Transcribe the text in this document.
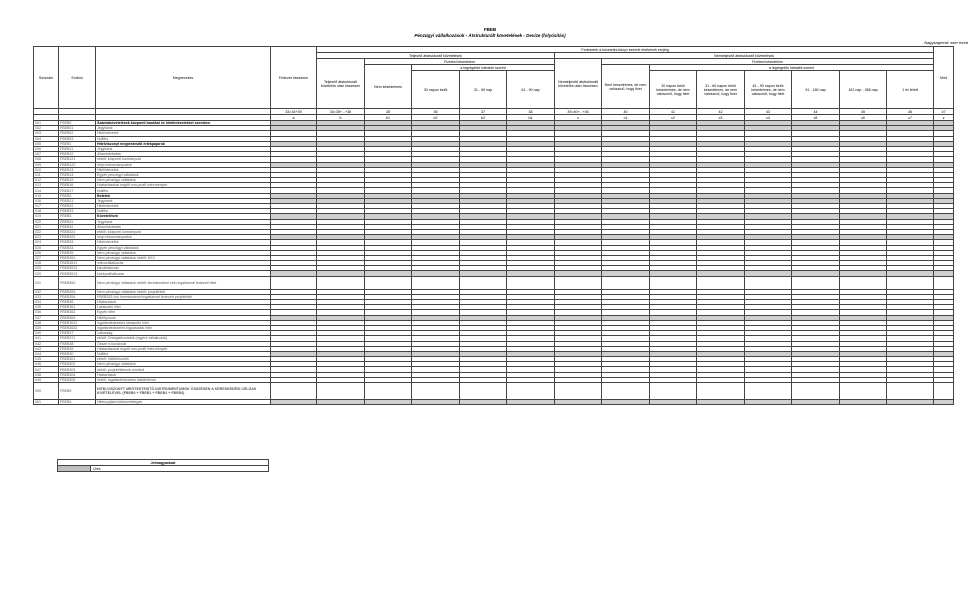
FBEB
Pénzügyi vállalkozások - Átstrukturált követelések - Devize (folyósítás)
Nagyságrend: ezer forint
Sorszám	Sorkód	Megnevezés	Fedezet összesen	Fedezetek a követelés könyv szerinti értékének erejéig													Mód
				Teljesítő átstrukturált követelések					Nemteljesítő átstrukturált követelések								
				Teljesítő átstrukturált követelés után összesen	Fizetési késedelem				Nemteljesítő átstrukturált követelés után összesen	Fizetési késedelem							
					Nem késedelmes	a legrégebbi hátralék szerint				Nem késedelmes, de nem valószínű, hogy fizet	a legrégebbi hátralék szerint						
						30 napon belül	31 - 60 nap	61 - 90 nap			30 napon belül késedelmes, de nem valószínű, hogy fizet	31 - 60 napon belül késedelmes, de nem valószínű, hogy fizet	61 - 90 napon belül késedelmes, de nem valószínű, hogy fizet	91 - 180 nap	181 nap - 365 nap	1 év felett	

			33=34+39	34=35+...+38	35	36	37	38	39=40+...+46	40	41	42	43	44	45	46	47
			a	b	b1	b2	b3	b4	c	c1	c2	c3	c4	c5	c6	c7	z
001	FBEB0	Számlakövetelések központi bankkal és hitelintézetekkel szemben															
002	FBEB01	Jegybank															
003	FBEB02	Hitelintézetek															
004	FBEB03	Nullfbo															
005	FBEB1	Hitelviszonyt megtestesítő értékpapírok															
006	FBEB11	Jegybank															
007	FBEB12	Államháztartás															
008	FBEB121	ebből: központi kormányzat															
009	FBEB122	helyi önkormányzatok															
010	FBEB13	Hitelintézetek															
011	FBEB14	Egyéb pénzügyi vállalatok															
012	FBEB15	Nem pénzügyi vállalatok															
013	FBEB16	Háztartásokat segítő non-profit intézmények															
014	FBEB17	Nullfbo															
015	FBEB2	Betétek															
016	FBEB21	Jegybank															
017	FBEB22	Hitelintézetek															
018	FBEB23	Nullfbo															
019	FBEB3	Követelések															
020	FBEB31	Jegybank															
021	FBEB32	Államháztartás															
022	FBEB321	ebből: központi kormányzat															
023	FBEB322	helyi önkormányzatok															
024	FBEB33	Hitelintézetek															
025	FBEB34	Egyéb pénzügyi vállalatok															
026	FBEB35	Nem pénzügyi vállalatok															
027	FBEB351	Nem pénzügyi vállalatok ebből: KKV															
028	FBEB3511	mikrovállalkozás															
029	FBEB3512	kisvállalkozás															
030	FBEB3513	középvállalkozás															
031	FBEB352	Nem pénzügyi vállalatok ebből: kereskedelmi célú ingatlannal fedezett hitel															
032	FBEB353	Nem pénzügyi vállalatok ebből: projekthitel															
033	FBEB354	FBEB353-ból: kereskedelmi ingatlannal fedezett projekthitel															
034	FBEB36	Háztartások															
035	FBEB361	Lakáscélú hitel															
036	FBEB362	Egyéb hitel															
037	FBEB363	Hiteltípusok															
038	FBEB3631	ingatlanfedezetes lakáscélú hitel															
039	FBEB3632	ingatlanfedezetes fogyasztási hitel															
040	FBEB37	Lakosság															
041	FBEB371	ebből: Önfoglalkoztatók (egyéni vállalkozók)															
042	FBEB38	Össze e-kovácsok															
043	FBEB39	Háztartásokat segítő non-profit intézmények															
044	FBEB30	Nullfbo															
045	FBEB301	ebből: hitelintézetek															
046	FBEB302	Nem pénzügyi vállalatok															
047	FBEB303	ebből: projekthitelnek minősül															
048	FBEB304	Háztartások															
049	FBEB305	ebből: ingatlanfedezetes lakáshitelek															
050	FBEB9	HITELVISZONYT MEGTESTESÍTŐ INSTRUMENTUMOK ÖSSZESEN A KERESKEDÉSI CÉLÚAK KIVÉTELÉVEL (FBEB0 + FBEB1 + FBEB2 + FBEB3)															
051	FBEB4	Hitelnyújtási kötelezettségek															
Jelmagyarázat
	Üres
